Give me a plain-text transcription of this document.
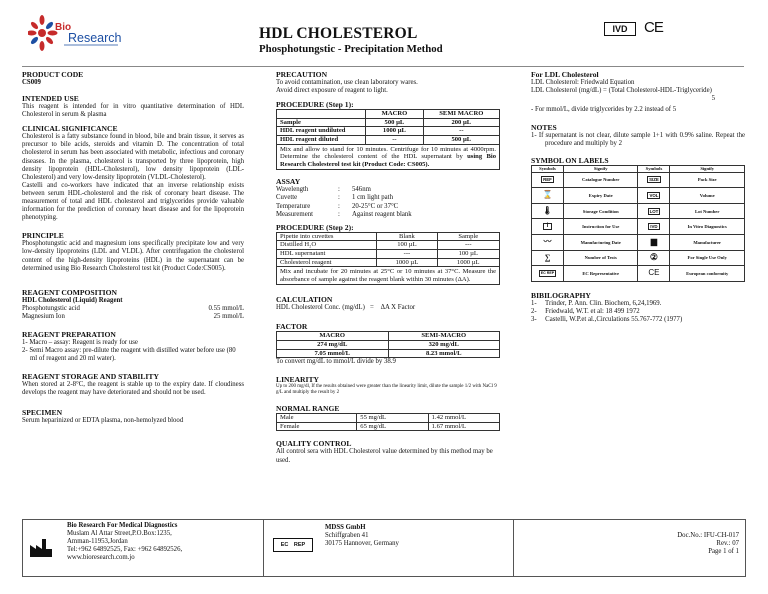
Bio
Research	HDL CHOLESTEROL
Phosphotungstic - Precipitation Method
IVD	CE
PRODUCT CODE
CS009
INTENDED USE
This reagent is intended for in vitro quantitative determination of HDL Cholesterol in serum & plasma
CLINICAL SIGNIFICANCE
Cholesterol is a fatty substance found in blood, bile and brain tissue, it serves as precursor to bile acids, steroids and vitamin D. The concentration of total cholesterol in serum has been associated with metabolic, infectious and coronary diseases. In the plasma, cholesterol is transported by three lipoprotein, high density lipoprotein (HDL-Cholesterol), low density lipoprotein (LDL-Cholesterol) and very low-density lipoprotein (VLDL-Cholesterol).
Castelli and co-workers have indicated that an inverse relationship exists between serum HDL-cholesterol and the risk of coronary heart disease. The measurement of total and HDL cholesterol and triglycerides provide valuable information for the prediction of coronary heart disease and for the lipoprotein phenotyping.
PRINCIPLE
Phosphotungstic acid and magnesium ions specifically precipitate low and very low-density lipoproteins (LDL and VLDL). After centrifugation the cholesterol content of the high-density lipoproteins (HDL) in the supernatant can be determined using Bio Research Cholesterol test kit (Product Code:CS005).
REAGENT COMPOSITION
HDL Cholesterol (Liquid) Reagent
Phosphotungstic acid	0.55 mmol/L
Magnesium Ion	25 mmol/L
REAGENT PREPARATION
1- Macro – assay: Reagent is ready for use
2- Semi Macro assay: pre-dilute the reagent with distilled water before use (80 ml of reagent and 20 ml water).
REAGENT STORAGE AND STABILITY
When stored at 2-8°C, the reagent is stable up to the expiry date. If cloudiness develops the reagent may have deteriorated and should not be used.
SPECIMEN
Serum heparinized or EDTA plasma, non-hemolyzed blood
PRECAUTION
To avoid contamination, use clean laboratory wares.
Avoid direct exposure of reagent to light.
PROCEDURE (Step 1):
	MACRO	SEMI MACRO
Sample	500 µL	200 µL
HDL reagent undiluted	1000 µL	--
HDL reagent diluted	--	500 µL
Mix and allow to stand for 10 minutes. Centrifuge for 10 minutes at 4000rpm. Determine the cholesterol content of the HDL supernatant by using Bio Research Cholesterol test kit (Product Code: CS005).		
ASSAY
Wavelength	:	546nm
Cuvette	:	1 cm light path
Temperature	:	20-25°C or 37°C
Measurement	:	Against reagent blank
PROCEDURE (Step 2):
Pipette into cuvettes	Blank	Sample
Distilled H₂O	100 µL	---
HDL supernatant	---	100 µL
Cholesterol reagent	1000 µL	1000 µL
Mix and incubate for 20 minutes at 25°C or 10 minutes at 37°C. Measure the absorbance of sample against the reagent blank within 30 minutes (ΔA).		
CALCULATION
HDL Cholesterol Conc. (mg/dL)   =    ΔA X Factor
FACTOR
MACRO	SEMI-MACRO
274 mg/dL	320 mg/dL
7.05 mmol/L	8.23 mmol/L
To convert mg/dL to mmol/L divide by 38.9
LINEARITY
Up to 200 mg/dl, If the results obtained were greater than the linearity limit, dilute the sample 1/2 with NaCl 9 g/L and multiply the result by 2
NORMAL RANGE
Male	55 mg/dL	1.42 mmol/L
Female	65 mg/dL	1.67 mmol/L
QUALITY CONTROL
All control sera with HDL Cholesterol value determined by this method may be used.
For LDL Cholesterol
LDL Cholesterol: Friedwald Equation
LDL Cholesterol (mg/dL) = (Total Cholesterol-HDL-Triglyceride)
5
- For mmol/L, divide triglycerides by 2.2 instead of 5
NOTES
1- If supernatant is not clear, dilute sample 1+1 with 0.9% saline. Repeat the procedure and multiply by 2
SYMBOL ON LABELS
Symbols	Signify	Symbols	Signify
REF	Catalogue Number	SIZE	Pack Size
⌛	Expiry Date	VOL	Volume
🌡	Storage Condition	LOT	Lot Number
i	Instruction for Use	IVD	In Vitro Diagnostics
〰	Manufacturing Date	▆	Manufacturer
∑	Number of Tests	②	For Single Use Only
EC REP	EC Representative	CE	European conformity
BIBILOGRAPHY
1-     Trinder, P. Ann. Clin. Biochem, 6,24,1969.
2-     Friedwald, W.T. et al: 18 499 1972
3-     Castelli, W.P.et al.,Circulations 55.767-772 (1977)
Bio Research For Medical Diagnostics
Muslam Al Attar Street,P.O.Box:1235,
Amman-11953,Jordan
Tel:+962 64892525, Fax: +962 64892526,
www.bioresearch.com.jo
EC REP
MDSS GmbH
Schiffgraben 41
30175 Hannover, Germany
Doc.No.: IFU-CH-017
Rev.: 07
Page 1 of 1
